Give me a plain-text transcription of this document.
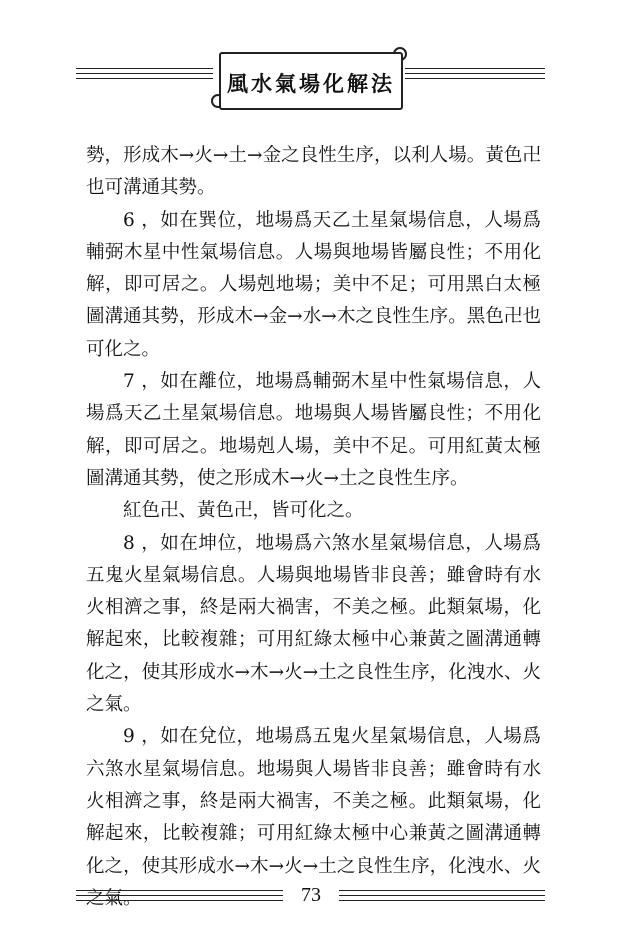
風水氣場化解法

勢，形成木→火→土→金之良性生序，以利人場。黃色卍也可溝通其勢。

6 ，如在巽位，地場爲天乙土星氣場信息，人場爲輔弼木星中性氣場信息。人場與地場皆屬良性；不用化解，即可居之。人場剋地場；美中不足；可用黑白太極圖溝通其勢，形成木→金→水→木之良性生序。黑色卍也可化之。

7 ，如在離位，地場爲輔弼木星中性氣場信息，人場爲天乙土星氣場信息。地場與人場皆屬良性；不用化解，即可居之。地場剋人場，美中不足。可用紅黃太極圖溝通其勢，使之形成木→火→土之良性生序。

紅色卍、黃色卍，皆可化之。

8 ，如在坤位，地場爲六煞水星氣場信息，人場爲五鬼火星氣場信息。人場與地場皆非良善；雖會時有水火相濟之事，終是兩大禍害，不美之極。此類氣場，化解起來，比較複雜；可用紅綠太極中心兼黃之圖溝通轉化之，使其形成水→木→火→土之良性生序，化洩水、火之氣。

9 ，如在兌位，地場爲五鬼火星氣場信息，人場爲六煞水星氣場信息。地場與人場皆非良善；雖會時有水火相濟之事，終是兩大禍害，不美之極。此類氣場，化解起來，比較複雜；可用紅綠太極中心兼黃之圖溝通轉化之，使其形成水→木→火→土之良性生序，化洩水、火之氣。	73
